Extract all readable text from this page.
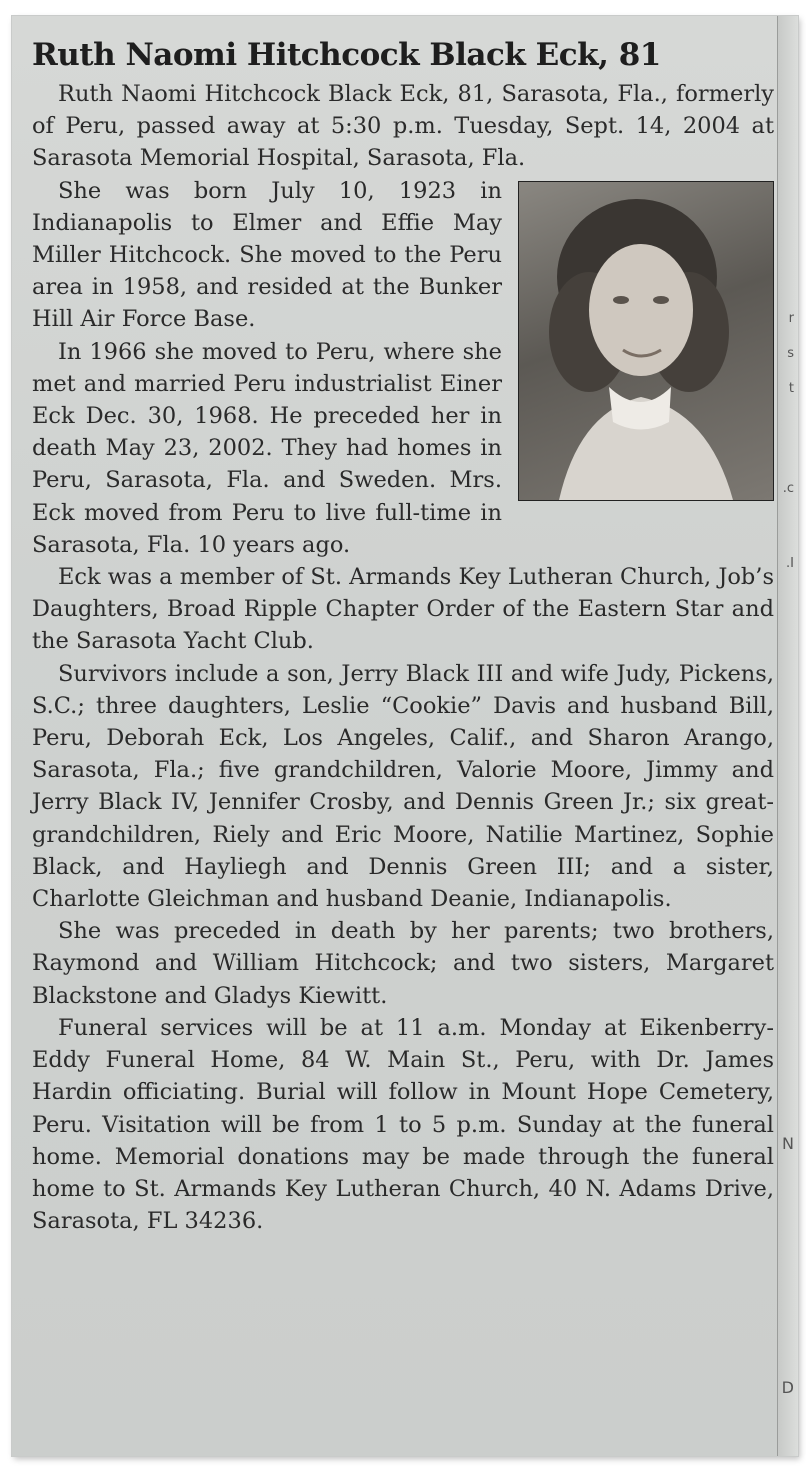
r
s
t
.c
.I
N
D
Ruth Naomi Hitchcock Black Eck, 81

Ruth Naomi Hitchcock Black Eck, 81, Sarasota, Fla., formerly of Peru, passed away at 5:30 p.m. Tuesday, Sept. 14, 2004 at Sarasota Memorial Hospital, Sarasota, Fla.

She was born July 10, 1923 in Indianapolis to Elmer and Effie May Miller Hitchcock. She moved to the Peru area in 1958, and resided at the Bunker Hill Air Force Base.

In 1966 she moved to Peru, where she met and married Peru industrialist Einer Eck Dec. 30, 1968. He preceded her in death May 23, 2002. They had homes in Peru, Sarasota, Fla. and Sweden. Mrs. Eck moved from Peru to live full-time in Sarasota, Fla. 10 years ago.

Eck was a member of St. Armands Key Lutheran Church, Job’s Daughters, Broad Ripple Chapter Order of the Eastern Star and the Sarasota Yacht Club.

Survivors include a son, Jerry Black III and wife Judy, Pickens, S.C.; three daughters, Leslie “Cookie” Davis and husband Bill, Peru, Deborah Eck, Los Angeles, Calif., and Sharon Arango, Sarasota, Fla.; five grandchildren, Valorie Moore, Jimmy and Jerry Black IV, Jennifer Crosby, and Dennis Green Jr.; six great-grandchildren, Riely and Eric Moore, Natilie Martinez, Sophie Black, and Hayliegh and Dennis Green III; and a sister, Charlotte Gleichman and husband Deanie, Indianapolis.

She was preceded in death by her parents; two brothers, Raymond and William Hitchcock; and two sisters, Margaret Blackstone and Gladys Kiewitt.

Funeral services will be at 11 a.m. Monday at Eikenberry-Eddy Funeral Home, 84 W. Main St., Peru, with Dr. James Hardin officiating. Burial will follow in Mount Hope Cemetery, Peru. Visitation will be from 1 to 5 p.m. Sunday at the funeral home. Memorial donations may be made through the funeral home to St. Armands Key Lutheran Church, 40 N. Adams Drive, Sarasota, FL 34236.
